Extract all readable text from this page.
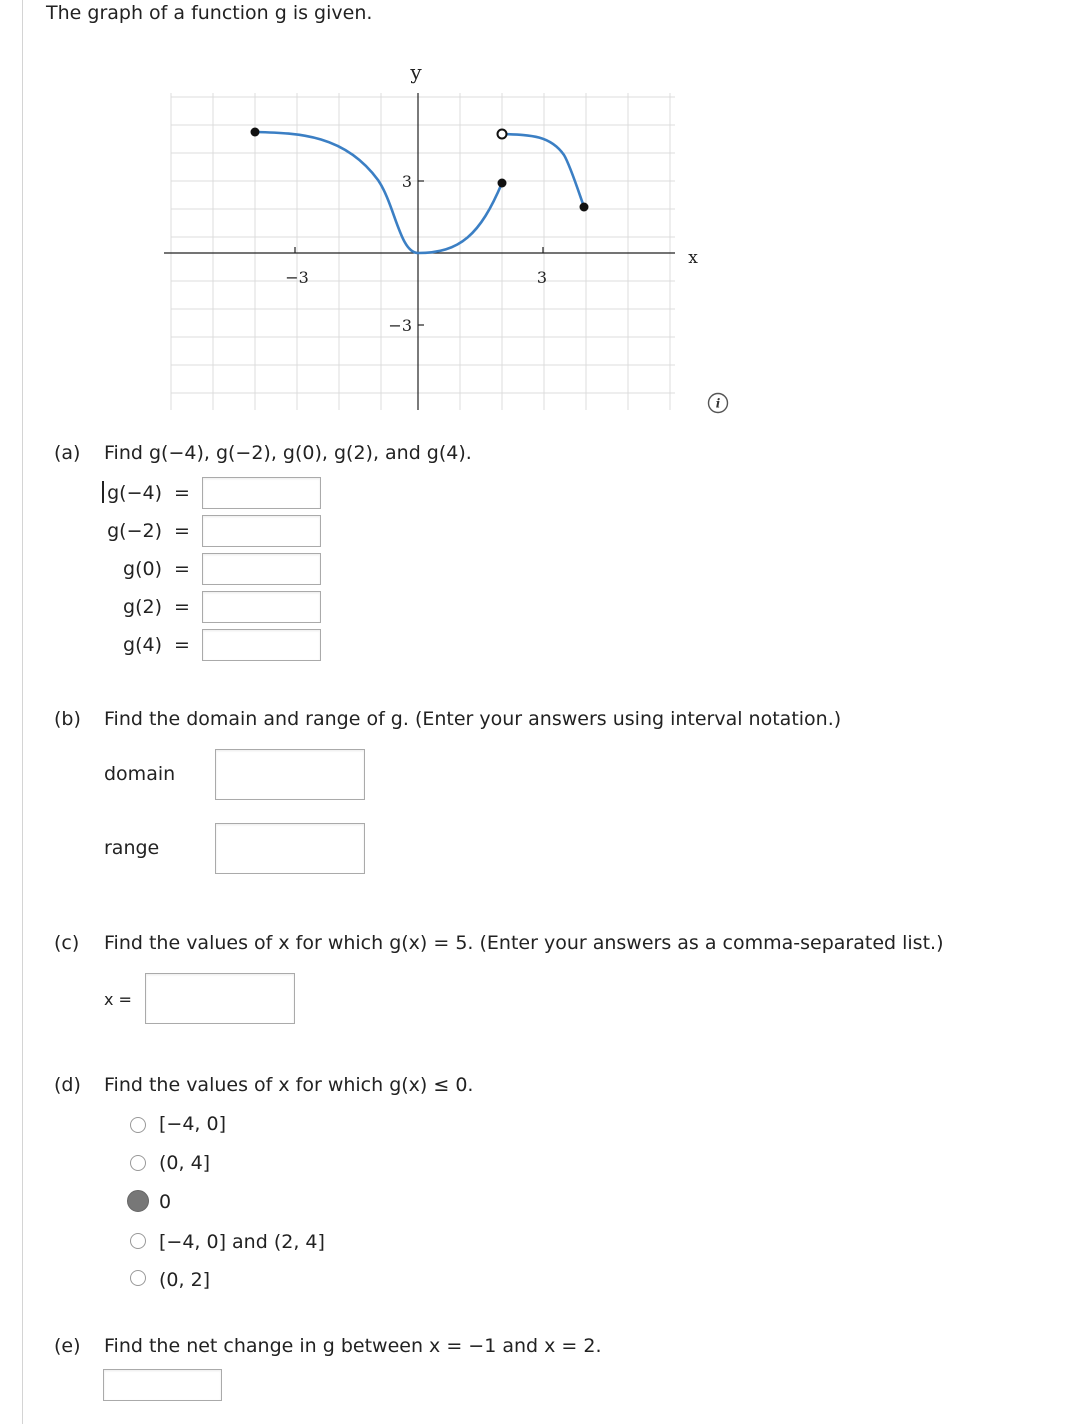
The graph of a function g is given.
y
x
−3	3
3
−3
i
(a) Find g(−4), g(−2), g(0), g(2), and g(4).
g(−4) =
g(−2) =
g(0) =
g(2) =
g(4) =
(b) Find the domain and range of g. (Enter your answers using interval notation.)
domain
range
(c) Find the values of x for which g(x) = 5. (Enter your answers as a comma-separated list.)
x =
(d) Find the values of x for which g(x) ≤ 0.
[−4, 0]
(0, 4]
0
[−4, 0] and (2, 4]
(0, 2]
(e) Find the net change in g between x = −1 and x = 2.
